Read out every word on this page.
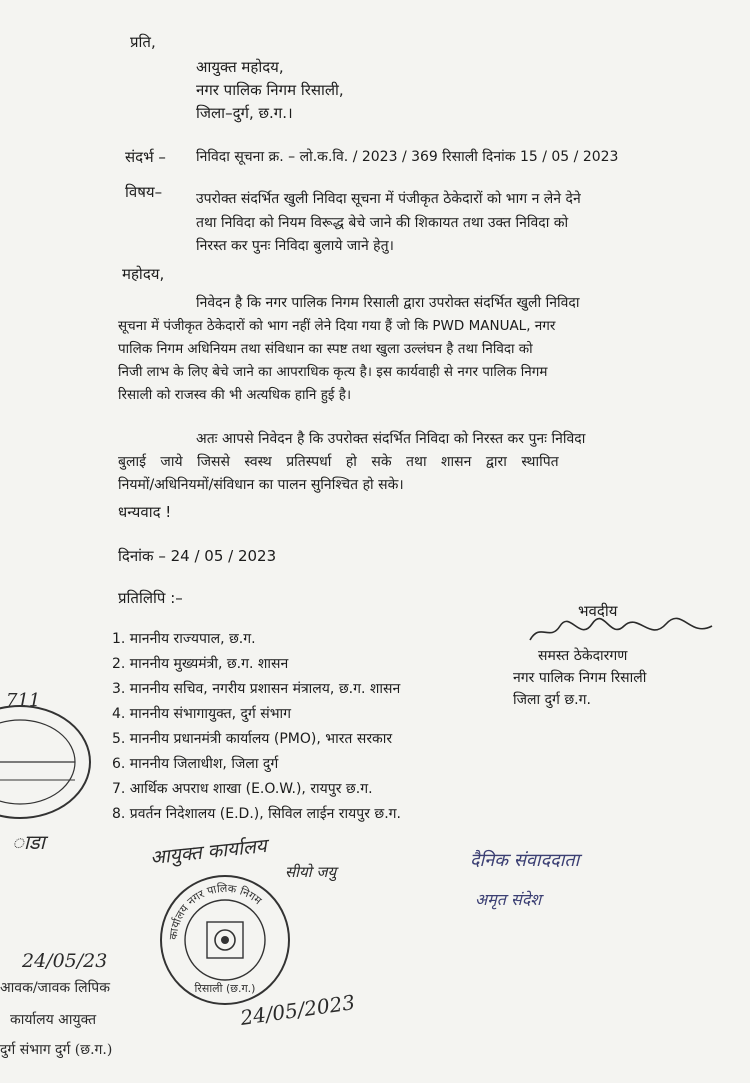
प्रति,
आयुक्त महोदय,
नगर पालिक निगम रिसाली,
जिला–दुर्ग, छ.ग.।
संदर्भ – निविदा सूचना क्र. – लो.क.वि. / 2023 / 369 रिसाली दिनांक 15 / 05 / 2023
विषय– उपरोक्त संदर्भित खुली निविदा सूचना में पंजीकृत ठेकेदारों को भाग न लेने देने
तथा निविदा को नियम विरूद्ध बेचे जाने की शिकायत तथा उक्त निविदा को
निरस्त कर पुनः निविदा बुलाये जाने हेतु।
महोदय,
निवेदन है कि नगर पालिक निगम रिसाली द्वारा उपरोक्त संदर्भित खुली निविदा
सूचना में पंजीकृत ठेकेदारों को भाग नहीं लेने दिया गया हैं जो कि PWD MANUAL, नगर
पालिक निगम अधिनियम तथा संविधान का स्पष्ट तथा खुला उल्लंघन है तथा निविदा को
निजी लाभ के लिए बेचे जाने का आपराधिक कृत्य है। इस कार्यवाही से नगर पालिक निगम
रिसाली को राजस्व की भी अत्यधिक हानि हुई है।
अतः आपसे निवेदन है कि उपरोक्त संदर्भित निविदा को निरस्त कर पुनः निविदा
बुलाई जाये जिससे स्वस्थ प्रतिस्पर्धा हो सके तथा शासन द्वारा स्थापित
नियमों/अधिनियमों/संविधान का पालन सुनिश्चित हो सके।
धन्यवाद !
दिनांक – 24 / 05 / 2023
प्रतिलिपि :–
1. माननीय राज्यपाल, छ.ग.
2. माननीय मुख्यमंत्री, छ.ग. शासन
3. माननीय सचिव, नगरीय प्रशासन मंत्रालय, छ.ग. शासन
4. माननीय संभागायुक्त, दुर्ग संभाग
5. माननीय प्रधानमंत्री कार्यालय (PMO), भारत सरकार
6. माननीय जिलाधीश, जिला दुर्ग
7. आर्थिक अपराध शाखा (E.O.W.), रायपुर छ.ग.
8. प्रवर्तन निदेशालय (E.D.), सिविल लाईन रायपुर छ.ग.
भवदीय
समस्त ठेकेदारगण
नगर पालिक निगम रिसाली
जिला दुर्ग छ.ग.
आयुक्त कार्यालय
सीयो जयु
दैनिक संवाददाता
अमृत संदेश
कार्यालय नगर पालिक निगम
रिसाली (छ.ग.)
24/05/2023
711
ाडा
24/05/23
आवक/जावक लिपिक
कार्यालय आयुक्त
दुर्ग संभाग दुर्ग (छ.ग.)
